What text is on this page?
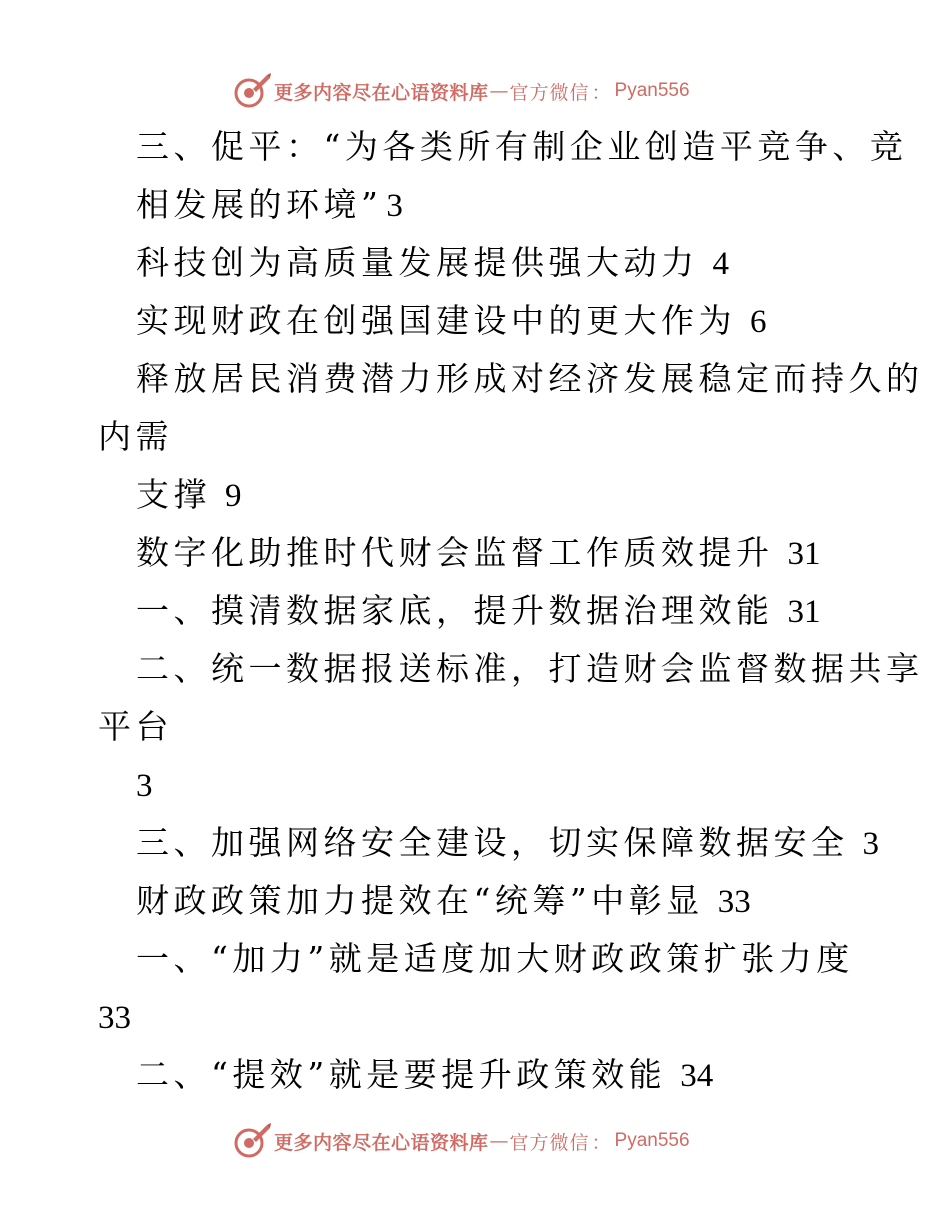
更多内容尽在心语资料库 — 官方微信 ： Pyan556
三、促平：“为各类所有制企业创造平竞争、竞
相发展的环境” 3
科技创为高质量发展提供强大动力 4
实现财政在创强国建设中的更大作为 6
释放居民消费潜力形成对经济发展稳定而持久的
内需
支撑 9
数字化助推时代财会监督工作质效提升 31
一、摸清数据家底，提升数据治理效能 31
二、统一数据报送标准，打造财会监督数据共享
平台
3
三、加强网络安全建设，切实保障数据安全 3
财政政策加力提效在“统筹”中彰显 33
一、“加力”就是适度加大财政政策扩张力度
33
二、“提效”就是要提升政策效能 34
更多内容尽在心语资料库 — 官方微信 ： Pyan556
